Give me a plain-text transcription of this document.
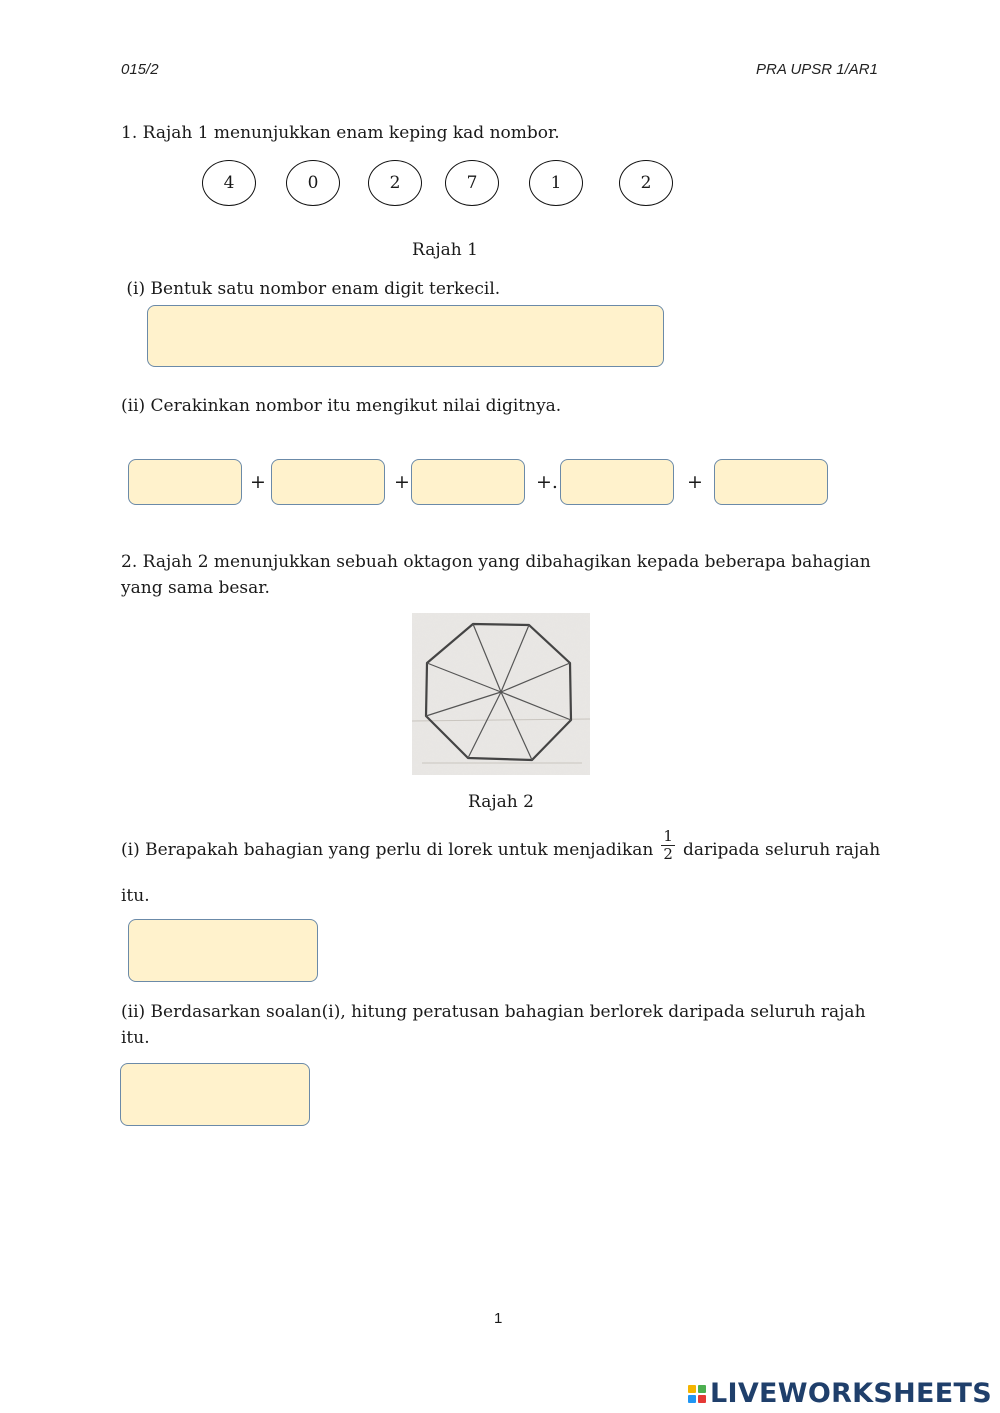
015/2	PRA UPSR 1/AR1
1. Rajah 1 menunjukkan enam keping kad nombor.
4	0	2	7	1	2
Rajah 1
(i) Bentuk satu nombor enam digit terkecil.
(ii) Cerakinkan nombor itu mengikut nilai digitnya.
+	+	+.	+
2. Rajah 2 menunjukkan sebuah oktagon yang dibahagikan kepada beberapa bahagian
yang sama besar.
Rajah 2
(i) Berapakah bahagian yang perlu di lorek untuk menjadikan $\frac{1}{2}$ daripada seluruh rajah
itu.
(ii) Berdasarkan soalan(i), hitung peratusan bahagian berlorek daripada seluruh rajah
itu.
1
LIVEWORKSHEETS
